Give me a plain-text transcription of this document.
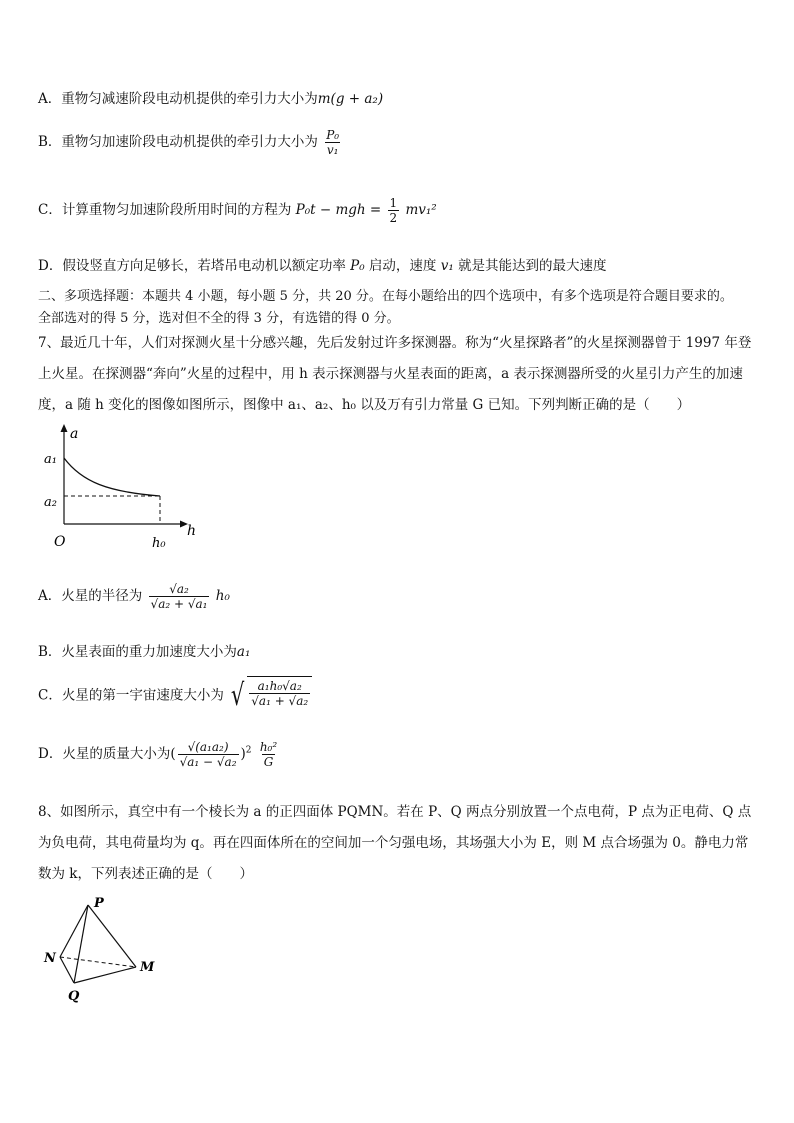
A．重物匀减速阶段电动机提供的牵引力大小为m(g + a₂)
B．重物匀加速阶段电动机提供的牵引力大小为 $\frac{\text{P₀}}{\text{v₁}}$
C．计算重物匀加速阶段所用时间的方程为 P₀t − mgh = $\frac{1}{2} mv_1^2$
D．假设竖直方向足够长，若塔吊电动机以额定功率 P₀ 启动，速度 v₁ 就是其能达到的最大速度
二、多项选择题：本题共 4 小题，每小题 5 分，共 20 分。在每小题给出的四个选项中，有多个选项是符合题目要求的。
全部选对的得 5 分，选对但不全的得 3 分，有选错的得 0 分。
7、最近几十年，人们对探测火星十分感兴趣，先后发射过许多探测器。称为“火星探路者”的火星探测器曾于 1997 年登上火星。在探测器“奔向”火星的过程中，用 h 表示探测器与火星表面的距离，a 表示探测器所受的火星引力产生的加速度，a 随 h 变化的图像如图所示，图像中 a₁、a₂、h₀ 以及万有引力常量 G 已知。下列判断正确的是（　　）
a
h
O
a₁
a₂
h₀
A．火星的半径为 $\frac{\text{√a₂}}{\text{√a₂ + √a₁}} h_0$
B．火星表面的重力加速度大小为a₁
C．火星的第一宇宙速度大小为 √ $\frac{\text{a₁h₀√a₂}}{\text{√a₁ + √a₂}}$
D．火星的质量大小为( $\frac{\text{√(a₁a₂)}}{\text{√a₁ − √a₂}} )^2 \frac{\text{h₀²}}{G}$
8、如图所示，真空中有一个棱长为 a 的正四面体 PQMN。若在 P、Q 两点分别放置一个点电荷，P 点为正电荷、Q 点为负电荷，其电荷量均为 q。再在四面体所在的空间加一个匀强电场，其场强大小为 E，则 M 点合场强为 0。静电力常数为 k，下列表述正确的是（　　）
P
N
M
Q
